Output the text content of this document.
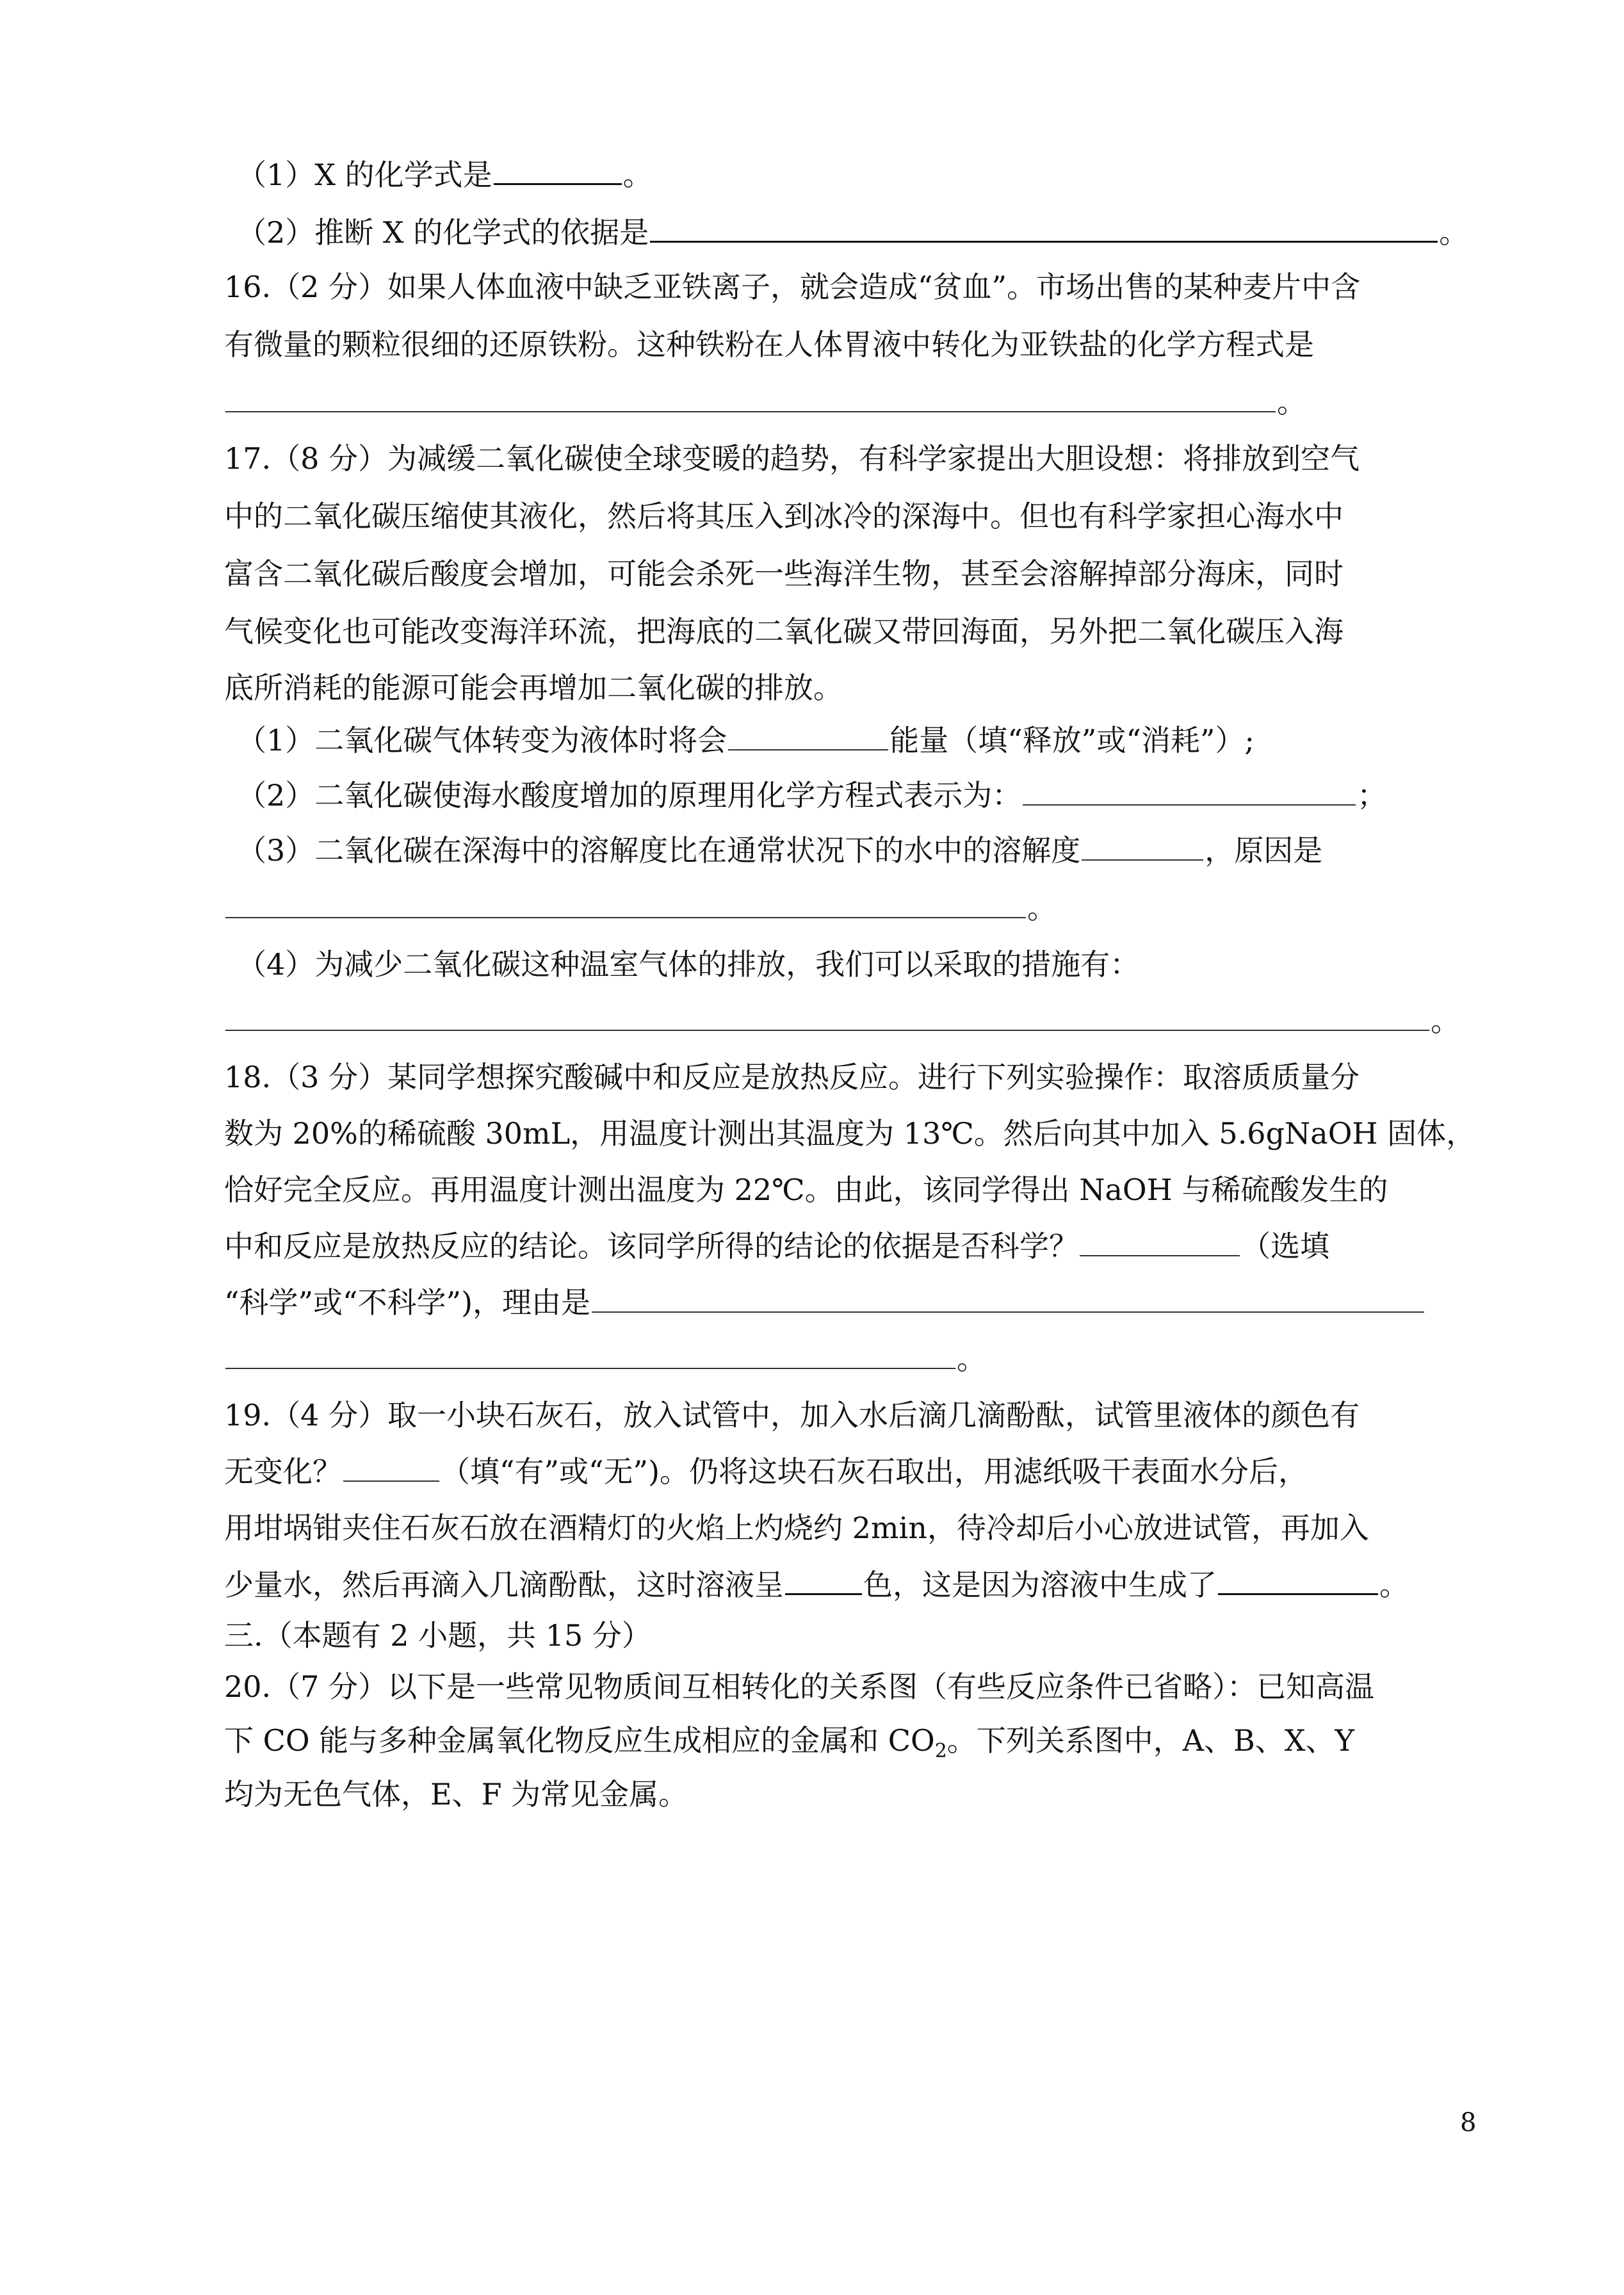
（1）X 的化学式是	。
（2）推断 X 的化学式的依据是	。
16.（2 分）如果人体血液中缺乏亚铁离子，就会造成“贫血”。市场出售的某种麦片中含
有微量的颗粒很细的还原铁粉。这种铁粉在人体胃液中转化为亚铁盐的化学方程式是
。
17.（8 分）为减缓二氧化碳使全球变暖的趋势，有科学家提出大胆设想：将排放到空气
中的二氧化碳压缩使其液化，然后将其压入到冰冷的深海中。但也有科学家担心海水中
富含二氧化碳后酸度会增加，可能会杀死一些海洋生物，甚至会溶解掉部分海床，同时
气候变化也可能改变海洋环流，把海底的二氧化碳又带回海面，另外把二氧化碳压入海
底所消耗的能源可能会再增加二氧化碳的排放。
（1）二氧化碳气体转变为液体时将会	能量（填“释放”或“消耗”）;
（2）二氧化碳使海水酸度增加的原理用化学方程式表示为：	；
（3）二氧化碳在深海中的溶解度比在通常状况下的水中的溶解度	，原因是
。
（4）为减少二氧化碳这种温室气体的排放，我们可以采取的措施有：
。
18.（3 分）某同学想探究酸碱中和反应是放热反应。进行下列实验操作：取溶质质量分
数为 20%的稀硫酸 30mL，用温度计测出其温度为 13℃。然后向其中加入 5.6gNaOH 固体，
恰好完全反应。再用温度计测出温度为 22℃。由此，该同学得出 NaOH 与稀硫酸发生的
中和反应是放热反应的结论。该同学所得的结论的依据是否科学？	（选填
“科学”或“不科学”)，理由是
。
19.（4 分）取一小块石灰石，放入试管中，加入水后滴几滴酚酞，试管里液体的颜色有
无变化？	（填“有”或“无”)。仍将这块石灰石取出，用滤纸吸干表面水分后，
用坩埚钳夹住石灰石放在酒精灯的火焰上灼烧约 2min，待冷却后小心放进试管，再加入
少量水，然后再滴入几滴酚酞，这时溶液呈	色，这是因为溶液中生成了	。
三.（本题有 2 小题，共 15 分）
20.（7 分）以下是一些常见物质间互相转化的关系图（有些反应条件已省略）：已知高温
下 CO 能与多种金属氧化物反应生成相应的金属和 $CO_2$。下列关系图中，A、B、X、Y
均为无色气体，E、F 为常见金属。
8
